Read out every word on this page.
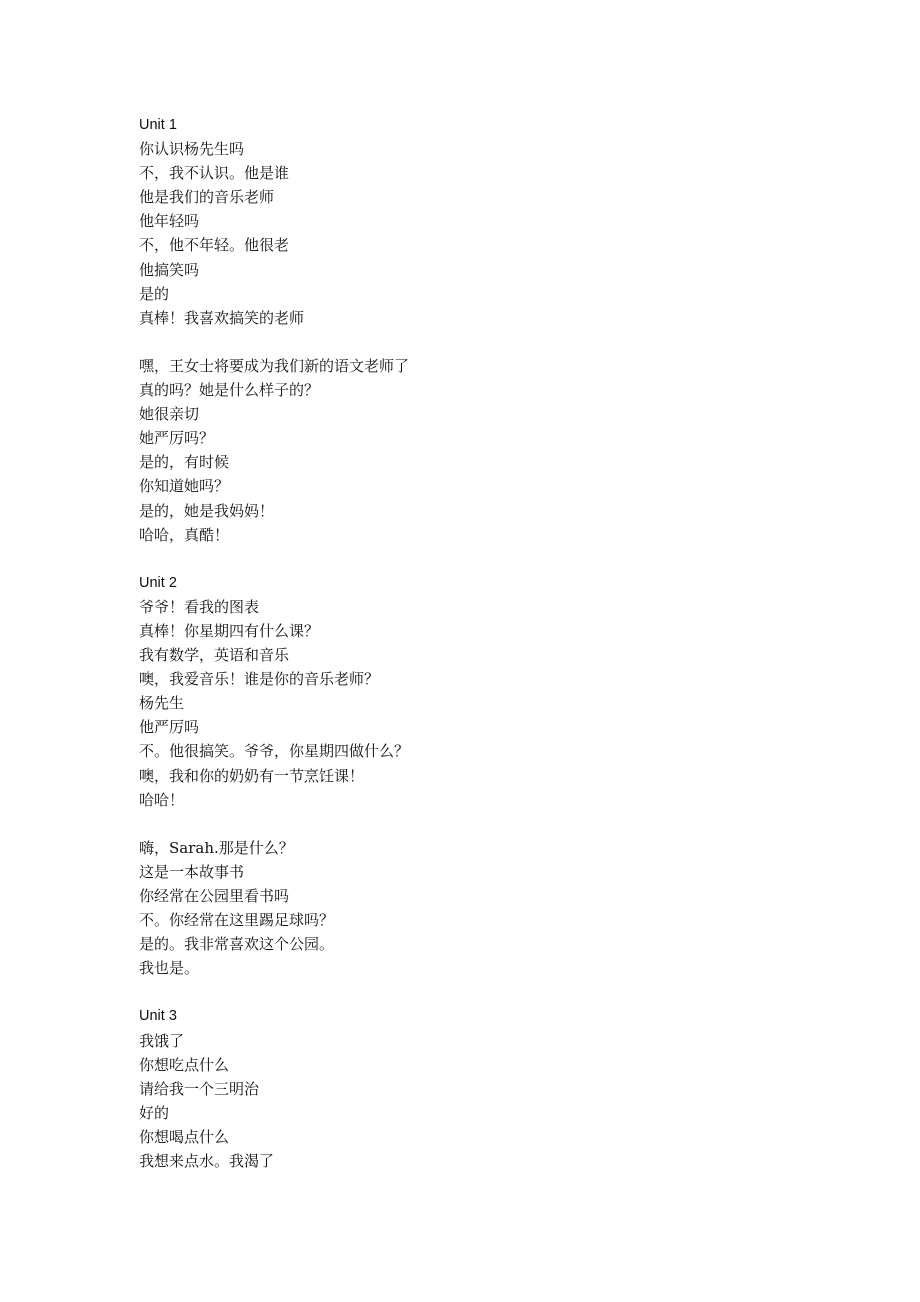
Unit 1
你认识杨先生吗
不，我不认识。他是谁
他是我们的音乐老师
他年轻吗
不，他不年轻。他很老
他搞笑吗
是的
真棒！我喜欢搞笑的老师
嘿，王女士将要成为我们新的语文老师了
真的吗？她是什么样子的？
她很亲切
她严厉吗？
是的，有时候
你知道她吗？
是的，她是我妈妈！
哈哈，真酷！
Unit 2
爷爷！看我的图表
真棒！你星期四有什么课？
我有数学，英语和音乐
噢，我爱音乐！谁是你的音乐老师？
杨先生
他严厉吗
不。他很搞笑。爷爷，你星期四做什么？
噢，我和你的奶奶有一节烹饪课！
哈哈！
嗨，Sarah.那是什么？
这是一本故事书
你经常在公园里看书吗
不。你经常在这里踢足球吗？
是的。我非常喜欢这个公园。
我也是。
Unit 3
我饿了
你想吃点什么
请给我一个三明治
好的
你想喝点什么
我想来点水。我渴了
